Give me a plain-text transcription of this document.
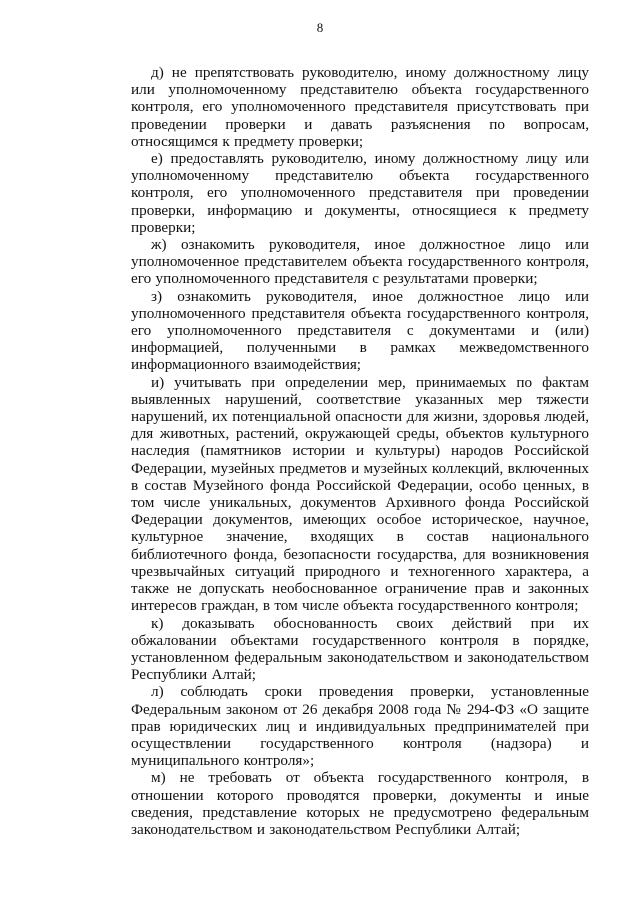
8

д) не препятствовать руководителю, иному должностному лицу или уполномоченному представителю объекта государственного контроля, его уполномоченного представителя присутствовать при проведении проверки и давать разъяснения по вопросам, относящимся к предмету проверки;

е) предоставлять руководителю, иному должностному лицу или уполномоченному представителю объекта государственного контроля, его уполномоченного представителя при проведении проверки, информацию и документы, относящиеся к предмету проверки;

ж) ознакомить руководителя, иное должностное лицо или уполномоченное представителем объекта государственного контроля, его уполномоченного представителя с результатами проверки;

з) ознакомить руководителя, иное должностное лицо или уполномоченного представителя объекта государственного контроля, его уполномоченного представителя с документами и (или) информацией, полученными в рамках межведомственного информационного взаимодействия;

и) учитывать при определении мер, принимаемых по фактам выявленных нарушений, соответствие указанных мер тяжести нарушений, их потенциальной опасности для жизни, здоровья людей, для животных, растений, окружающей среды, объектов культурного наследия (памятников истории и культуры) народов Российской Федерации, музейных предметов и музейных коллекций, включенных в состав Музейного фонда Российской Федерации, особо ценных, в том числе уникальных, документов Архивного фонда Российской Федерации документов, имеющих особое историческое, научное, культурное значение, входящих в состав национального библиотечного фонда, безопасности государства, для возникновения чрезвычайных ситуаций природного и техногенного характера, а также не допускать необоснованное ограничение прав и законных интересов граждан, в том числе объекта государственного контроля;

к) доказывать обоснованность своих действий при их обжаловании объектами государственного контроля в порядке, установленном федеральным законодательством и законодательством Республики Алтай;

л) соблюдать сроки проведения проверки, установленные Федеральным законом от 26 декабря 2008 года № 294-ФЗ «О защите прав юридических лиц и индивидуальных предпринимателей при осуществлении государственного контроля (надзора) и муниципального контроля»;

м) не требовать от объекта государственного контроля, в отношении которого проводятся проверки, документы и иные сведения, представление которых не предусмотрено федеральным законодательством и законодательством Республики Алтай;
